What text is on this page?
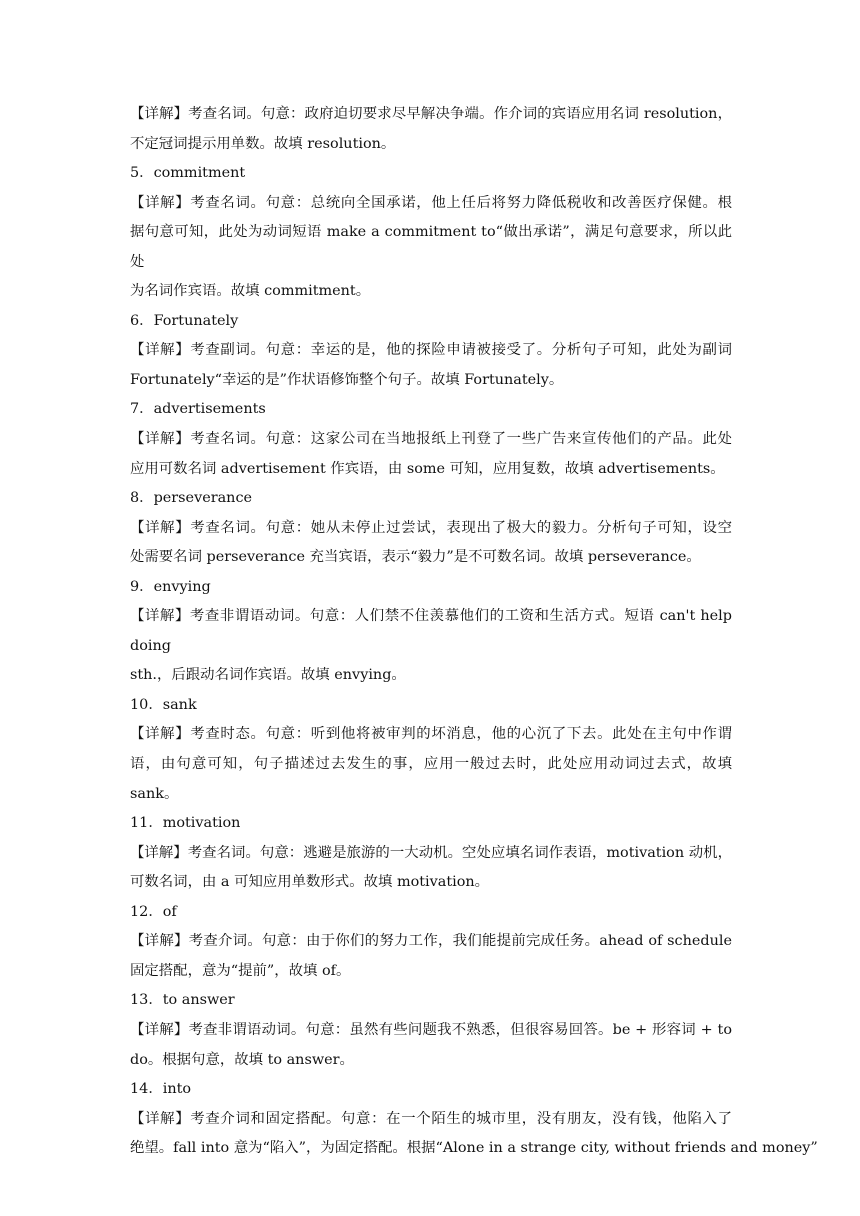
【详解】考查名词。句意：政府迫切要求尽早解决争端。作介词的宾语应用名词 resolution，
不定冠词提示用单数。故填 resolution。
5．commitment
【详解】考查名词。句意：总统向全国承诺，他上任后将努力降低税收和改善医疗保健。根
据句意可知，此处为动词短语 make a commitment to“做出承诺”，满足句意要求，所以此处
为名词作宾语。故填 commitment。
6．Fortunately
【详解】考查副词。句意：幸运的是，他的探险申请被接受了。分析句子可知，此处为副词
Fortunately“幸运的是”作状语修饰整个句子。故填 Fortunately。
7．advertisements
【详解】考查名词。句意：这家公司在当地报纸上刊登了一些广告来宣传他们的产品。此处
应用可数名词 advertisement 作宾语，由 some 可知，应用复数，故填 advertisements。
8．perseverance
【详解】考查名词。句意：她从未停止过尝试，表现出了极大的毅力。分析句子可知，设空
处需要名词 perseverance 充当宾语，表示“毅力”是不可数名词。故填 perseverance。
9．envying
【详解】考查非谓语动词。句意：人们禁不住羡慕他们的工资和生活方式。短语 can't help doing
sth.，后跟动名词作宾语。故填 envying。
10．sank
【详解】考查时态。句意：听到他将被审判的坏消息，他的心沉了下去。此处在主句中作谓
语，由句意可知，句子描述过去发生的事，应用一般过去时，此处应用动词过去式，故填
sank。
11．motivation
【详解】考查名词。句意：逃避是旅游的一大动机。空处应填名词作表语，motivation 动机，
可数名词，由 a 可知应用单数形式。故填 motivation。
12．of
【详解】考查介词。句意：由于你们的努力工作，我们能提前完成任务。ahead of schedule
固定搭配，意为“提前”，故填 of。
13．to answer
【详解】考查非谓语动词。句意：虽然有些问题我不熟悉，但很容易回答。be + 形容词 + to
do。根据句意，故填 to answer。
14．into
【详解】考查介词和固定搭配。句意：在一个陌生的城市里，没有朋友，没有钱，他陷入了
绝望。fall into 意为“陷入”，为固定搭配。根据“Alone in a strange city, without friends and money”
